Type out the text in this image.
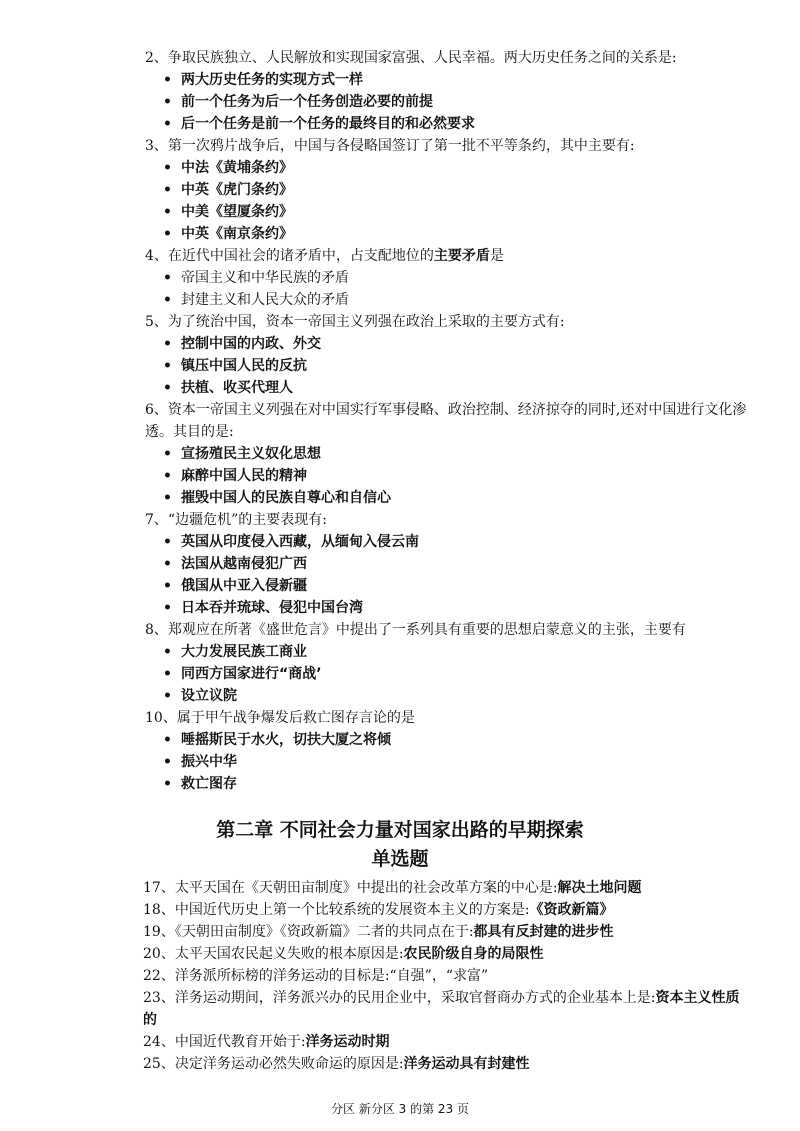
2、争取民族独立、人民解放和实现国家富强、人民幸福。两大历史任务之间的关系是:
• 两大历史任务的实现方式一样
• 前一个任务为后一个任务创造必要的前提
• 后一个任务是前一个任务的最终目的和必然要求
3、第一次鸦片战争后，中国与各侵略国签订了第一批不平等条约，其中主要有:
• 中法《黄埔条约》
• 中英《虎门条约》
• 中美《望厦条约》
• 中英《南京条约》
4、在近代中国社会的诸矛盾中，占支配地位的主要矛盾是
• 帝国主义和中华民族的矛盾
• 封建主义和人民大众的矛盾
5、为了统治中国，资本一帝国主义列强在政治上采取的主要方式有:
• 控制中国的内政、外交
• 镇压中国人民的反抗
• 扶植、收买代理人
6、资本一帝国主义列强在对中国实行军事侵略、政治控制、经济掠夺的同时,还对中国进行文化渗透。其目的是:
• 宣扬殖民主义奴化思想
• 麻醉中国人民的精神
• 摧毁中国人的民族自尊心和自信心
7、“边疆危机”的主要表现有:
• 英国从印度侵入西藏，从缅甸入侵云南
• 法国从越南侵犯广西
• 俄国从中亚入侵新疆
• 日本吞并琉球、侵犯中国台湾
8、郑观应在所著《盛世危言》中提出了一系列具有重要的思想启蒙意义的主张，主要有
• 大力发展民族工商业
• 同西方国家进行“商战’
• 设立议院
10、属于甲午战争爆发后救亡图存言论的是
• 唾摇斯民于水火，切扶大厦之将倾
• 振兴中华
• 救亡图存
第二章 不同社会力量对国家出路的早期探索
单选题
17、太平天国在《天朝田亩制度》中提出的社会改革方案的中心是:解决土地问题
18、中国近代历史上第一个比较系统的发展资本主义的方案是:《资政新篇》
19、《天朝田亩制度》《资政新篇》二者的共同点在于:都具有反封建的进步性
20、太平天国农民起义失败的根本原因是:农民阶级自身的局限性
22、洋务派所标榜的洋务运动的目标是:“自强”，“求富”
23、洋务运动期间，洋务派兴办的民用企业中，采取官督商办方式的企业基本上是:资本主义性质的
24、中国近代教育开始于:洋务运动时期
25、决定洋务运动必然失败命运的原因是:洋务运动具有封建性
分区 新分区 3 的第 23 页
